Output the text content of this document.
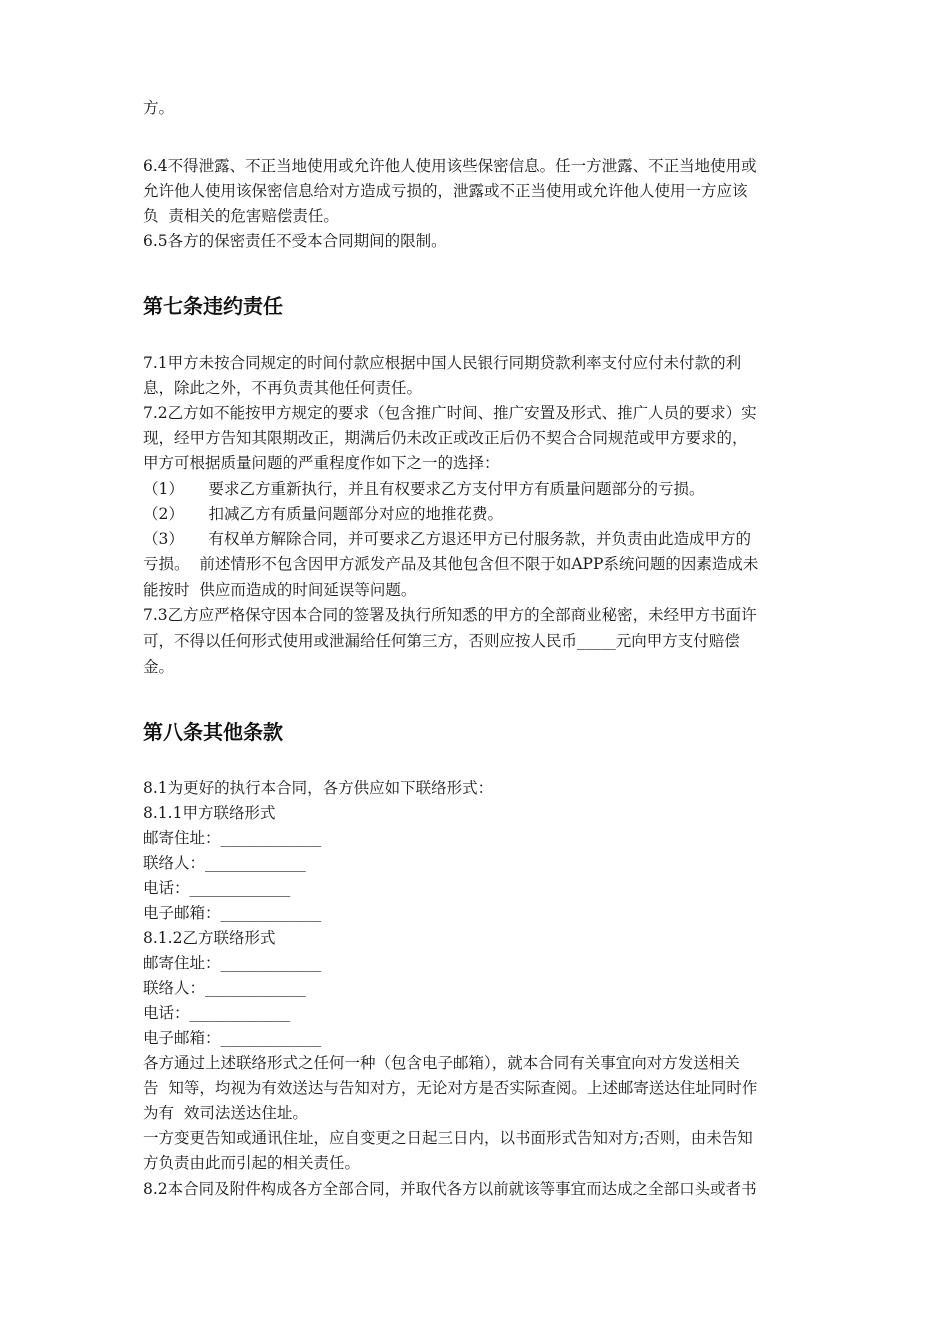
方。
6.4不得泄露、不正当地使用或允许他人使用该些保密信息。任一方泄露、不正当地使用或
允许他人使用该保密信息给对方造成亏损的，泄露或不正当使用或允许他人使用一方应该
负  责相关的危害赔偿责任。
6.5各方的保密责任不受本合同期间的限制。
第七条违约责任
7.1甲方未按合同规定的时间付款应根据中国人民银行同期贷款利率支付应付未付款的利
息，除此之外，不再负责其他任何责任。
7.2乙方如不能按甲方规定的要求（包含推广时间、推广安置及形式、推广人员的要求）实
现，经甲方告知其限期改正，期满后仍未改正或改正后仍不契合合同规范或甲方要求的，
甲方可根据质量问题的严重程度作如下之一的选择：
（1）     要求乙方重新执行，并且有权要求乙方支付甲方有质量问题部分的亏损。
（2）     扣减乙方有质量问题部分对应的地推花费。
（3）     有权单方解除合同，并可要求乙方退还甲方已付服务款，并负责由此造成甲方的
亏损。  前述情形不包含因甲方派发产品及其他包含但不限于如APP系统问题的因素造成未
能按时  供应而造成的时间延误等问题。
7.3乙方应严格保守因本合同的签署及执行所知悉的甲方的全部商业秘密，未经甲方书面许
可，不得以任何形式使用或泄漏给任何第三方，否则应按人民币_____元向甲方支付赔偿
金。
第八条其他条款
8.1为更好的执行本合同，各方供应如下联络形式：
8.1.1甲方联络形式
邮寄住址：_____________
联络人：_____________
电话：_____________
电子邮箱：_____________
8.1.2乙方联络形式
邮寄住址：_____________
联络人：_____________
电话：_____________
电子邮箱：_____________
各方通过上述联络形式之任何一种（包含电子邮箱），就本合同有关事宜向对方发送相关
告  知等，均视为有效送达与告知对方，无论对方是否实际查阅。上述邮寄送达住址同时作
为有  效司法送达住址。
一方变更告知或通讯住址，应自变更之日起三日内，以书面形式告知对方;否则，由未告知
方负责由此而引起的相关责任。
8.2本合同及附件构成各方全部合同，并取代各方以前就该等事宜而达成之全部口头或者书
